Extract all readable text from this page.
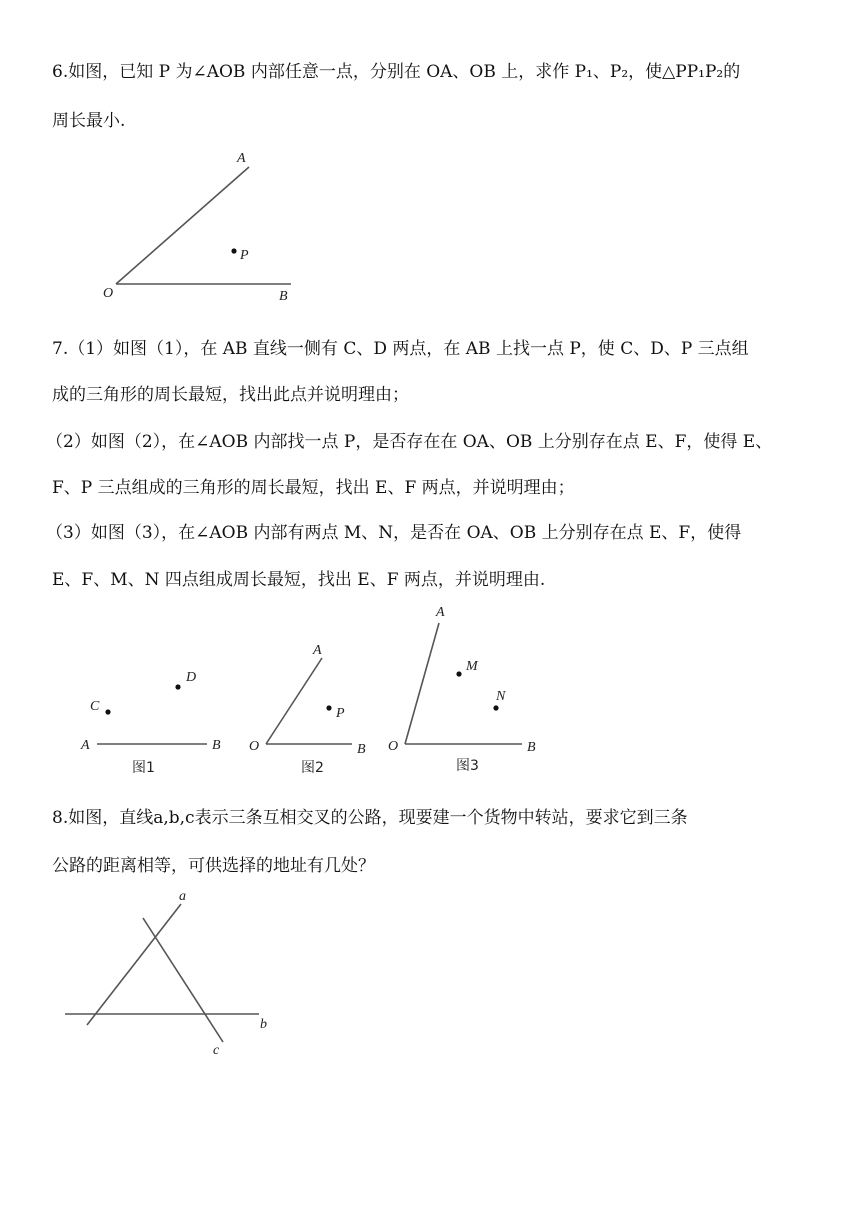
6.如图，已知 P 为∠AOB 内部任意一点，分别在 OA、OB 上，求作 P₁、P₂，使△PP₁P₂的
周长最小.
A
P
O	B
7.（1）如图（1），在 AB 直线一侧有 C、D 两点，在 AB 上找一点 P，使 C、D、P 三点组
成的三角形的周长最短，找出此点并说明理由；
（2）如图（2），在∠AOB 内部找一点 P，是否存在在 OA、OB 上分别存在点 E、F，使得 E、
F、P 三点组成的三角形的周长最短，找出 E、F 两点，并说明理由；
（3）如图（3），在∠AOB 内部有两点 M、N，是否在 OA、OB 上分别存在点 E、F，使得
E、F、M、N 四点组成周长最短，找出 E、F 两点，并说明理由.
C
D
A	B
图1
A
P
O	B
图2
A
M
N
O	B
图3
8.如图，直线a,b,c表示三条互相交叉的公路，现要建一个货物中转站，要求它到三条
公路的距离相等，可供选择的地址有几处？
a
b
c
